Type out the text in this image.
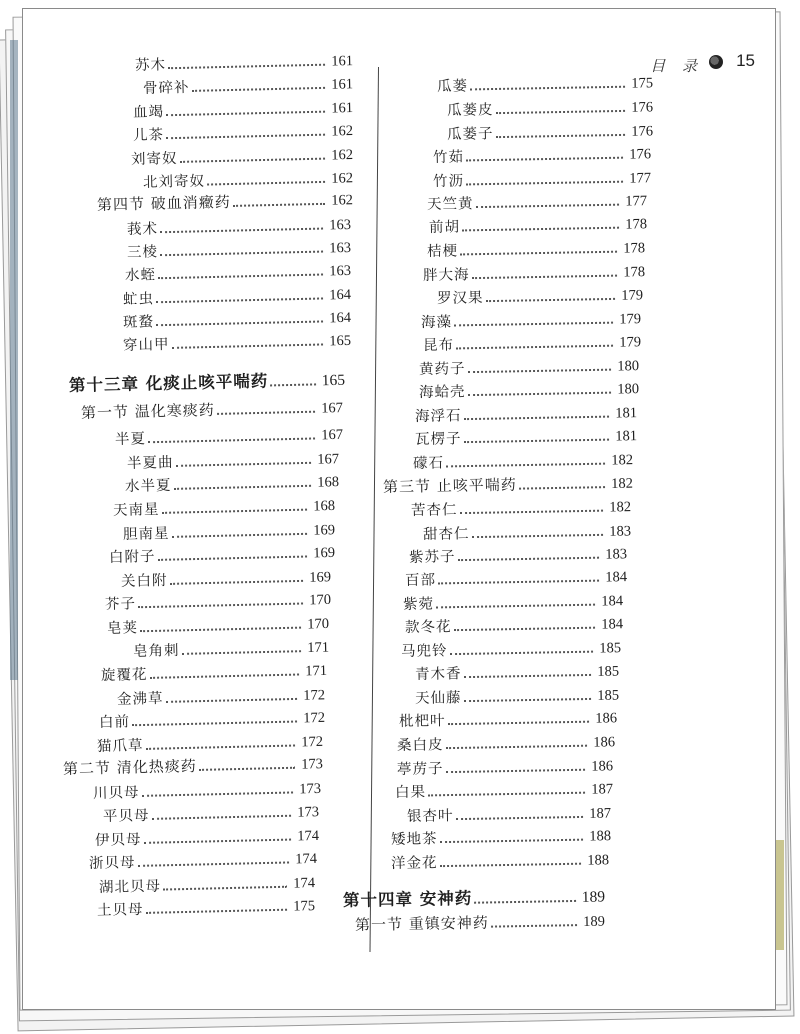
目 录 15
苏木	161
骨碎补	161
血竭	161
儿茶	162
刘寄奴	162
北刘寄奴	162
第四节 破血消癥药	162
莪术	163
三棱	163
水蛭	163
虻虫	164
斑蝥	164
穿山甲	165
第十三章 化痰止咳平喘药	165
第一节 温化寒痰药	167
半夏	167
半夏曲	167
水半夏	168
天南星	168
胆南星	169
白附子	169
关白附	169
芥子	170
皂荚	170
皂角刺	171
旋覆花	171
金沸草	172
白前	172
猫爪草	172
第二节 清化热痰药	173
川贝母	173
平贝母	173
伊贝母	174
浙贝母	174
湖北贝母	174
土贝母	175
瓜蒌	175
瓜蒌皮	176
瓜蒌子	176
竹茹	176
竹沥	177
天竺黄	177
前胡	178
桔梗	178
胖大海	178
罗汉果	179
海藻	179
昆布	179
黄药子	180
海蛤壳	180
海浮石	181
瓦楞子	181
礞石	182
第三节 止咳平喘药	182
苦杏仁	182
甜杏仁	183
紫苏子	183
百部	184
紫菀	184
款冬花	184
马兜铃	185
青木香	185
天仙藤	185
枇杷叶	186
桑白皮	186
葶苈子	186
白果	187
银杏叶	187
矮地茶	188
洋金花	188
第十四章 安神药	189
第一节 重镇安神药	189
